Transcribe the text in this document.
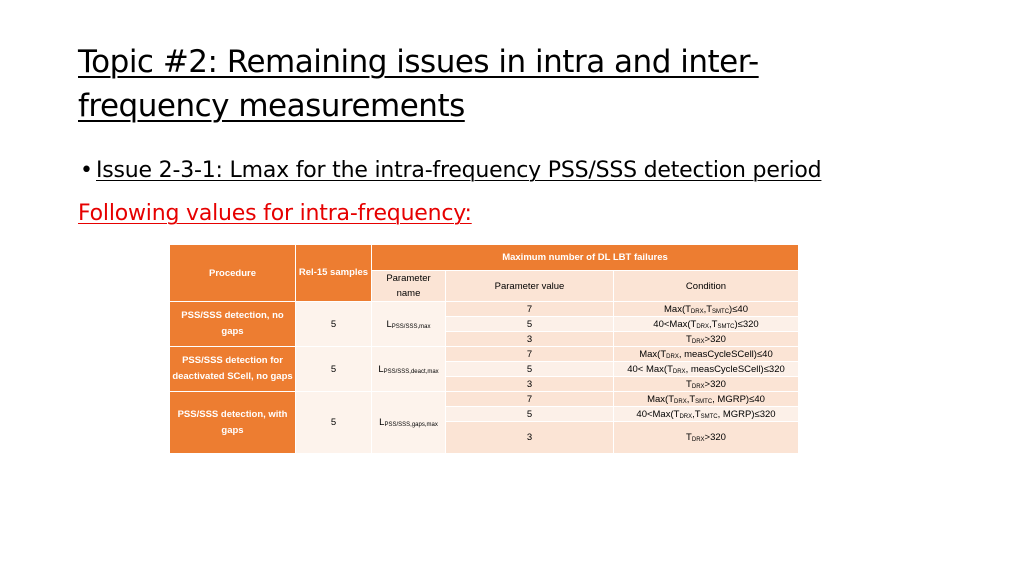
Topic #2: Remaining issues in intra and inter-
frequency measurements
• Issue 2-3-1: Lmax for the intra-frequency PSS/SSS detection period
Following values for intra-frequency:
Procedure	Rel-15 samples	Maximum number of DL LBT failures		
		Parameter name	Parameter value	Condition
PSS/SSS detection, no gaps	5	$L_{PSS/SSS,max}$	7	$Max(T_{DRX},T_{SMTC})\le 40$
			5	$40<Max(T_{DRX},T_{SMTC})\le 320$
			3	$T_{DRX}>320$
PSS/SSS detection for deactivated SCell, no gaps	5	$L_{PSS/SSS,deact,max}$	7	$Max(T_{DRX}$, measCycleSCell)≤40
			5	$40< Max(T_{DRX}$, measCycleSCell)≤320
			3	$T_{DRX}>320$
PSS/SSS detection, with gaps	5	$L_{PSS/SSS,gaps,max}$	7	$Max(T_{DRX},T_{SMTC}$, MGRP)≤40
			5	$40<Max(T_{DRX},T_{SMTC}$, MGRP)≤320
			3	$T_{DRX}>320$
